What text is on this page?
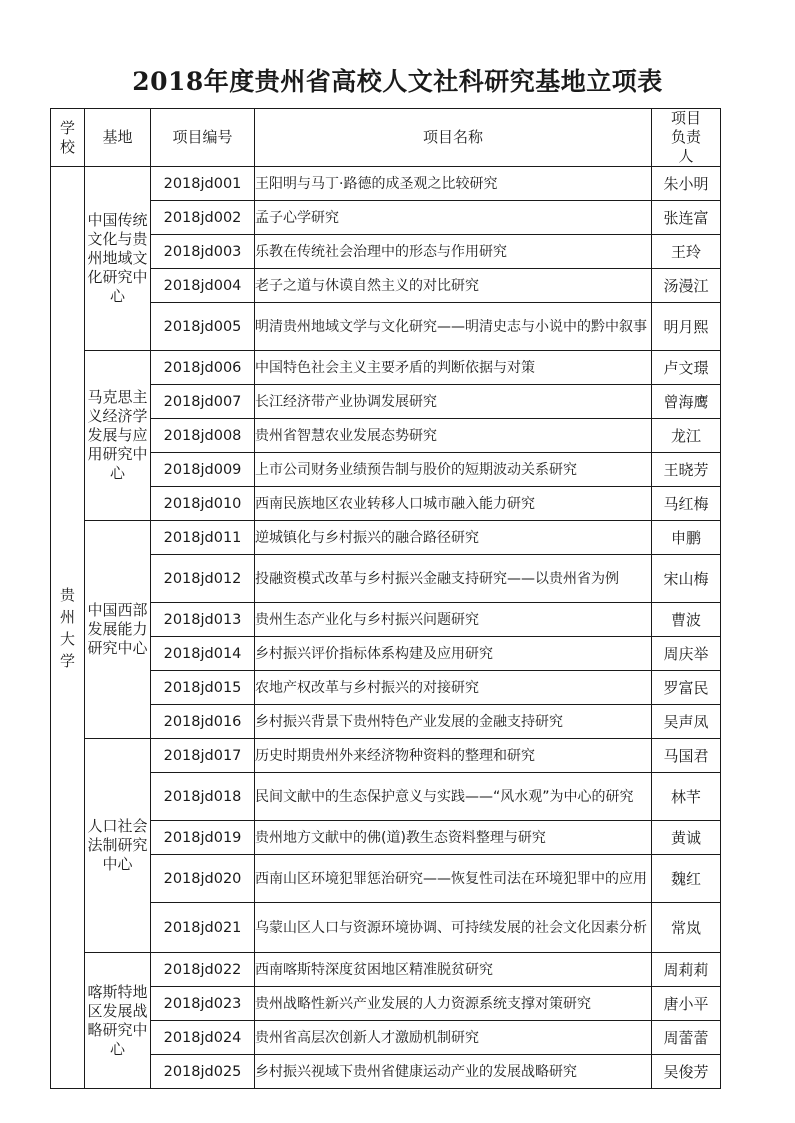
2018年度贵州省高校人文社科研究基地立项表
学校	基地	项目编号	项目名称	项目负责人
贵州大学	中国传统文化与贵州地域文化研究中心	2018jd001	王阳明与马丁·路德的成圣观之比较研究	朱小明
		2018jd002	孟子心学研究	张连富
		2018jd003	乐教在传统社会治理中的形态与作用研究	王玲
		2018jd004	老子之道与休谟自然主义的对比研究	汤漫江
		2018jd005	明清贵州地域文学与文化研究——明清史志与小说中的黔中叙事	明月熙
	马克思主义经济学发展与应用研究中心	2018jd006	中国特色社会主义主要矛盾的判断依据与对策	卢文璟
		2018jd007	长江经济带产业协调发展研究	曾海鹰
		2018jd008	贵州省智慧农业发展态势研究	龙江
		2018jd009	上市公司财务业绩预告制与股价的短期波动关系研究	王晓芳
		2018jd010	西南民族地区农业转移人口城市融入能力研究	马红梅
	中国西部发展能力研究中心	2018jd011	逆城镇化与乡村振兴的融合路径研究	申鹏
		2018jd012	投融资模式改革与乡村振兴金融支持研究——以贵州省为例	宋山梅
		2018jd013	贵州生态产业化与乡村振兴问题研究	曹波
		2018jd014	乡村振兴评价指标体系构建及应用研究	周庆举
		2018jd015	农地产权改革与乡村振兴的对接研究	罗富民
		2018jd016	乡村振兴背景下贵州特色产业发展的金融支持研究	吴声凤
	人口社会法制研究中心	2018jd017	历史时期贵州外来经济物种资料的整理和研究	马国君
		2018jd018	民间文献中的生态保护意义与实践——“风水观”为中心的研究	林芊
		2018jd019	贵州地方文献中的佛(道)教生态资料整理与研究	黄诚
		2018jd020	西南山区环境犯罪惩治研究——恢复性司法在环境犯罪中的应用	魏红
		2018jd021	乌蒙山区人口与资源环境协调、可持续发展的社会文化因素分析	常岚
	喀斯特地区发展战略研究中心	2018jd022	西南喀斯特深度贫困地区精准脱贫研究	周莉莉
		2018jd023	贵州战略性新兴产业发展的人力资源系统支撑对策研究	唐小平
		2018jd024	贵州省高层次创新人才激励机制研究	周蕾蕾
		2018jd025	乡村振兴视域下贵州省健康运动产业的发展战略研究	吴俊芳
